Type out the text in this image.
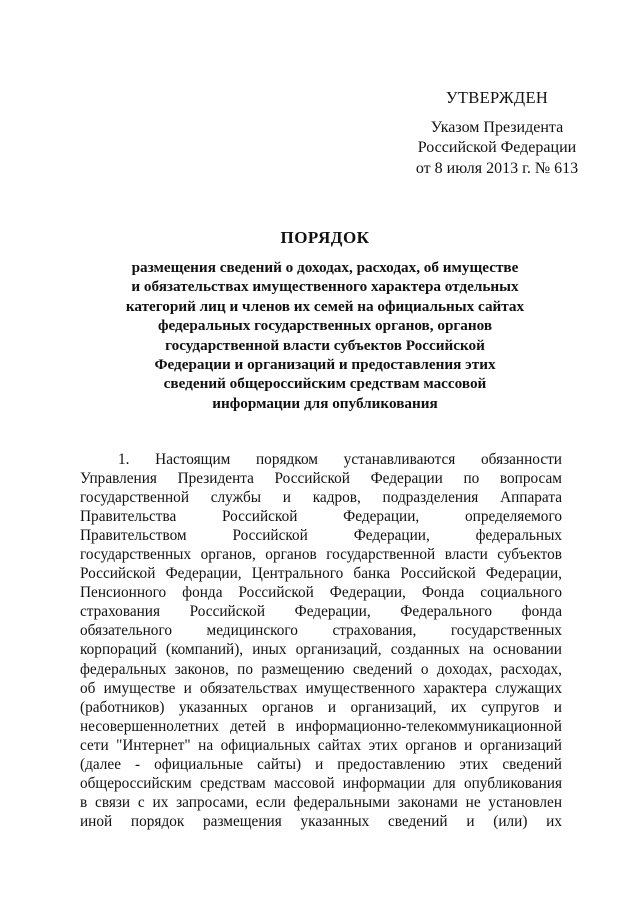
УТВЕРЖДЕН
Указом Президента
Российской Федерации
от 8 июля 2013 г. № 613
ПОРЯДОК
размещения сведений о доходах, расходах, об имуществе
и обязательствах имущественного характера отдельных
категорий лиц и членов их семей на официальных сайтах
федеральных государственных органов, органов
государственной власти субъектов Российской
Федерации и организаций и предоставления этих
сведений общероссийским средствам массовой
информации для опубликования
1. Настоящим порядком устанавливаются обязанности
Управления Президента Российской Федерации по вопросам
государственной службы и кадров, подразделения Аппарата
Правительства Российской Федерации, определяемого
Правительством Российской Федерации, федеральных
государственных органов, органов государственной власти субъектов
Российской Федерации, Центрального банка Российской Федерации,
Пенсионного фонда Российской Федерации, Фонда социального
страхования Российской Федерации, Федерального фонда
обязательного медицинского страхования, государственных
корпораций (компаний), иных организаций, созданных на основании
федеральных законов, по размещению сведений о доходах, расходах,
об имуществе и обязательствах имущественного характера служащих
(работников) указанных органов и организаций, их супругов и
несовершеннолетних детей в информационно-телекоммуникационной
сети "Интернет" на официальных сайтах этих органов и организаций
(далее - официальные сайты) и предоставлению этих сведений
общероссийским средствам массовой информации для опубликования
в связи с их запросами, если федеральными законами не установлен
иной порядок размещения указанных сведений и (или) их
